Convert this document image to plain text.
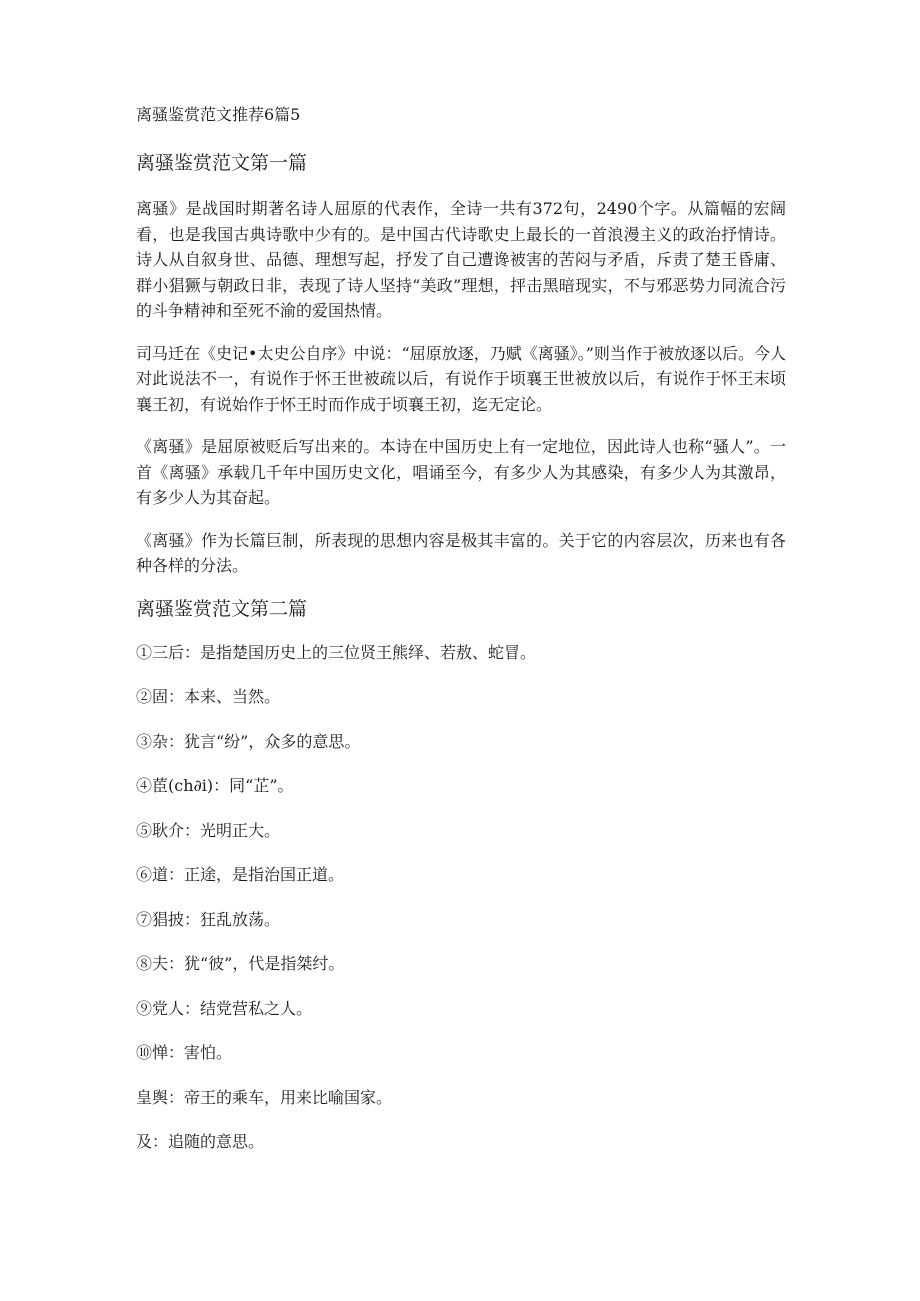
离骚鉴赏范文推荐6篇5
离骚鉴赏范文第一篇

离骚》是战国时期著名诗人屈原的代表作，全诗一共有372句，2490个字。从篇幅的宏阔看，也是我国古典诗歌中少有的。是中国古代诗歌史上最长的一首浪漫主义的政治抒情诗。诗人从自叙身世、品德、理想写起，抒发了自己遭谗被害的苦闷与矛盾，斥责了楚王昏庸、群小猖獗与朝政日非，表现了诗人坚持“美政”理想，抨击黑暗现实，不与邪恶势力同流合污的斗争精神和至死不渝的爱国热情。

司马迁在《史记•太史公自序》中说：“屈原放逐，乃赋《离骚》。”则当作于被放逐以后。今人对此说法不一，有说作于怀王世被疏以后，有说作于顷襄王世被放以后，有说作于怀王末顷襄王初，有说始作于怀王时而作成于顷襄王初，迄无定论。

《离骚》是屈原被贬后写出来的。本诗在中国历史上有一定地位，因此诗人也称“骚人”。一首《离骚》承载几千年中国历史文化，唱诵至今，有多少人为其感染，有多少人为其激昂，有多少人为其奋起。

《离骚》作为长篇巨制，所表现的思想内容是极其丰富的。关于它的内容层次，历来也有各种各样的分法。

离骚鉴赏范文第二篇

①三后：是指楚国历史上的三位贤王熊绎、若敖、蛇冒。

②固：本来、当然。

③杂：犹言“纷”，众多的意思。

④茞(ch∂i)：同“芷”。

⑤耿介：光明正大。

⑥道：正途，是指治国正道。

⑦猖披：狂乱放荡。

⑧夫：犹“彼”，代是指桀纣。

⑨党人：结党营私之人。

⑩惮：害怕。

皇舆：帝王的乘车，用来比喻国家。

及：追随的意思。
